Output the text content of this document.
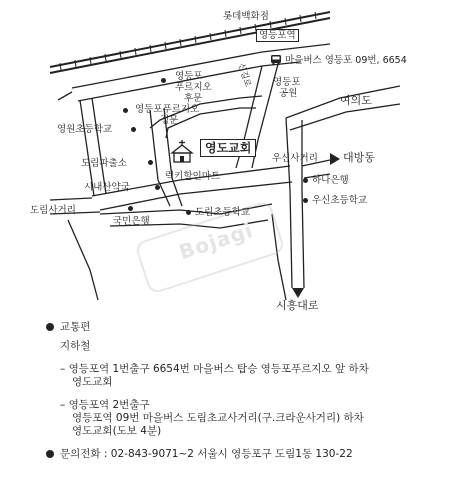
롯데백화점
영등포역
영등포
푸르지오
후문
영등포푸르지오
정문
영원초등학교
도림파출소
럭키할인마트
시내산약국
도림사거리
국민은행
도림초등학교
마을버스 영등포 09번, 6654
신길로 영등포
공원
여의도
영도교회
우신사거리 대방동
하나은행
우신초등학교
시흥대로
Bojagi
교통편
지하철
– 영등포역 1번출구 6654번 마을버스 탑승 영등포푸르지오 앞 하차
영도교회
– 영등포역 2번출구
영등포역 09번 마을버스 도림초교사거리(구.크라운사거리) 하차
영도교회(도보 4분)
문의전화 : 02-843-9071~2 서울시 영등포구 도림1동 130-22
